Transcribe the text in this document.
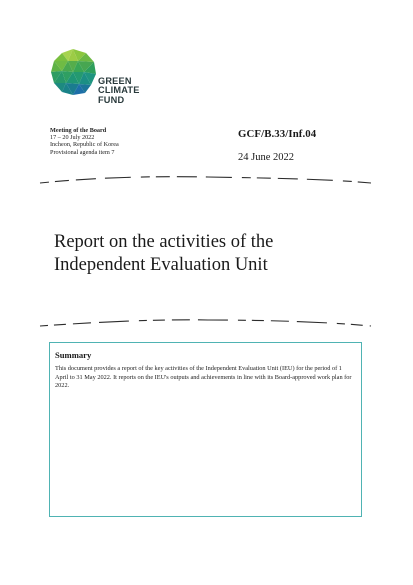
GREEN
CLIMATE
FUND
Meeting of the Board
17 – 20 July 2022
Incheon, Republic of Korea
Provisional agenda item 7
GCF/B.33/Inf.04
24 June 2022
Report on the activities of the
Independent Evaluation Unit
Summary
This document provides a report of the key activities of the Independent Evaluation Unit (IEU) for the period of 1 April to 31 May 2022. It reports on the IEU's outputs and achievements in line with its Board-approved work plan for 2022.
